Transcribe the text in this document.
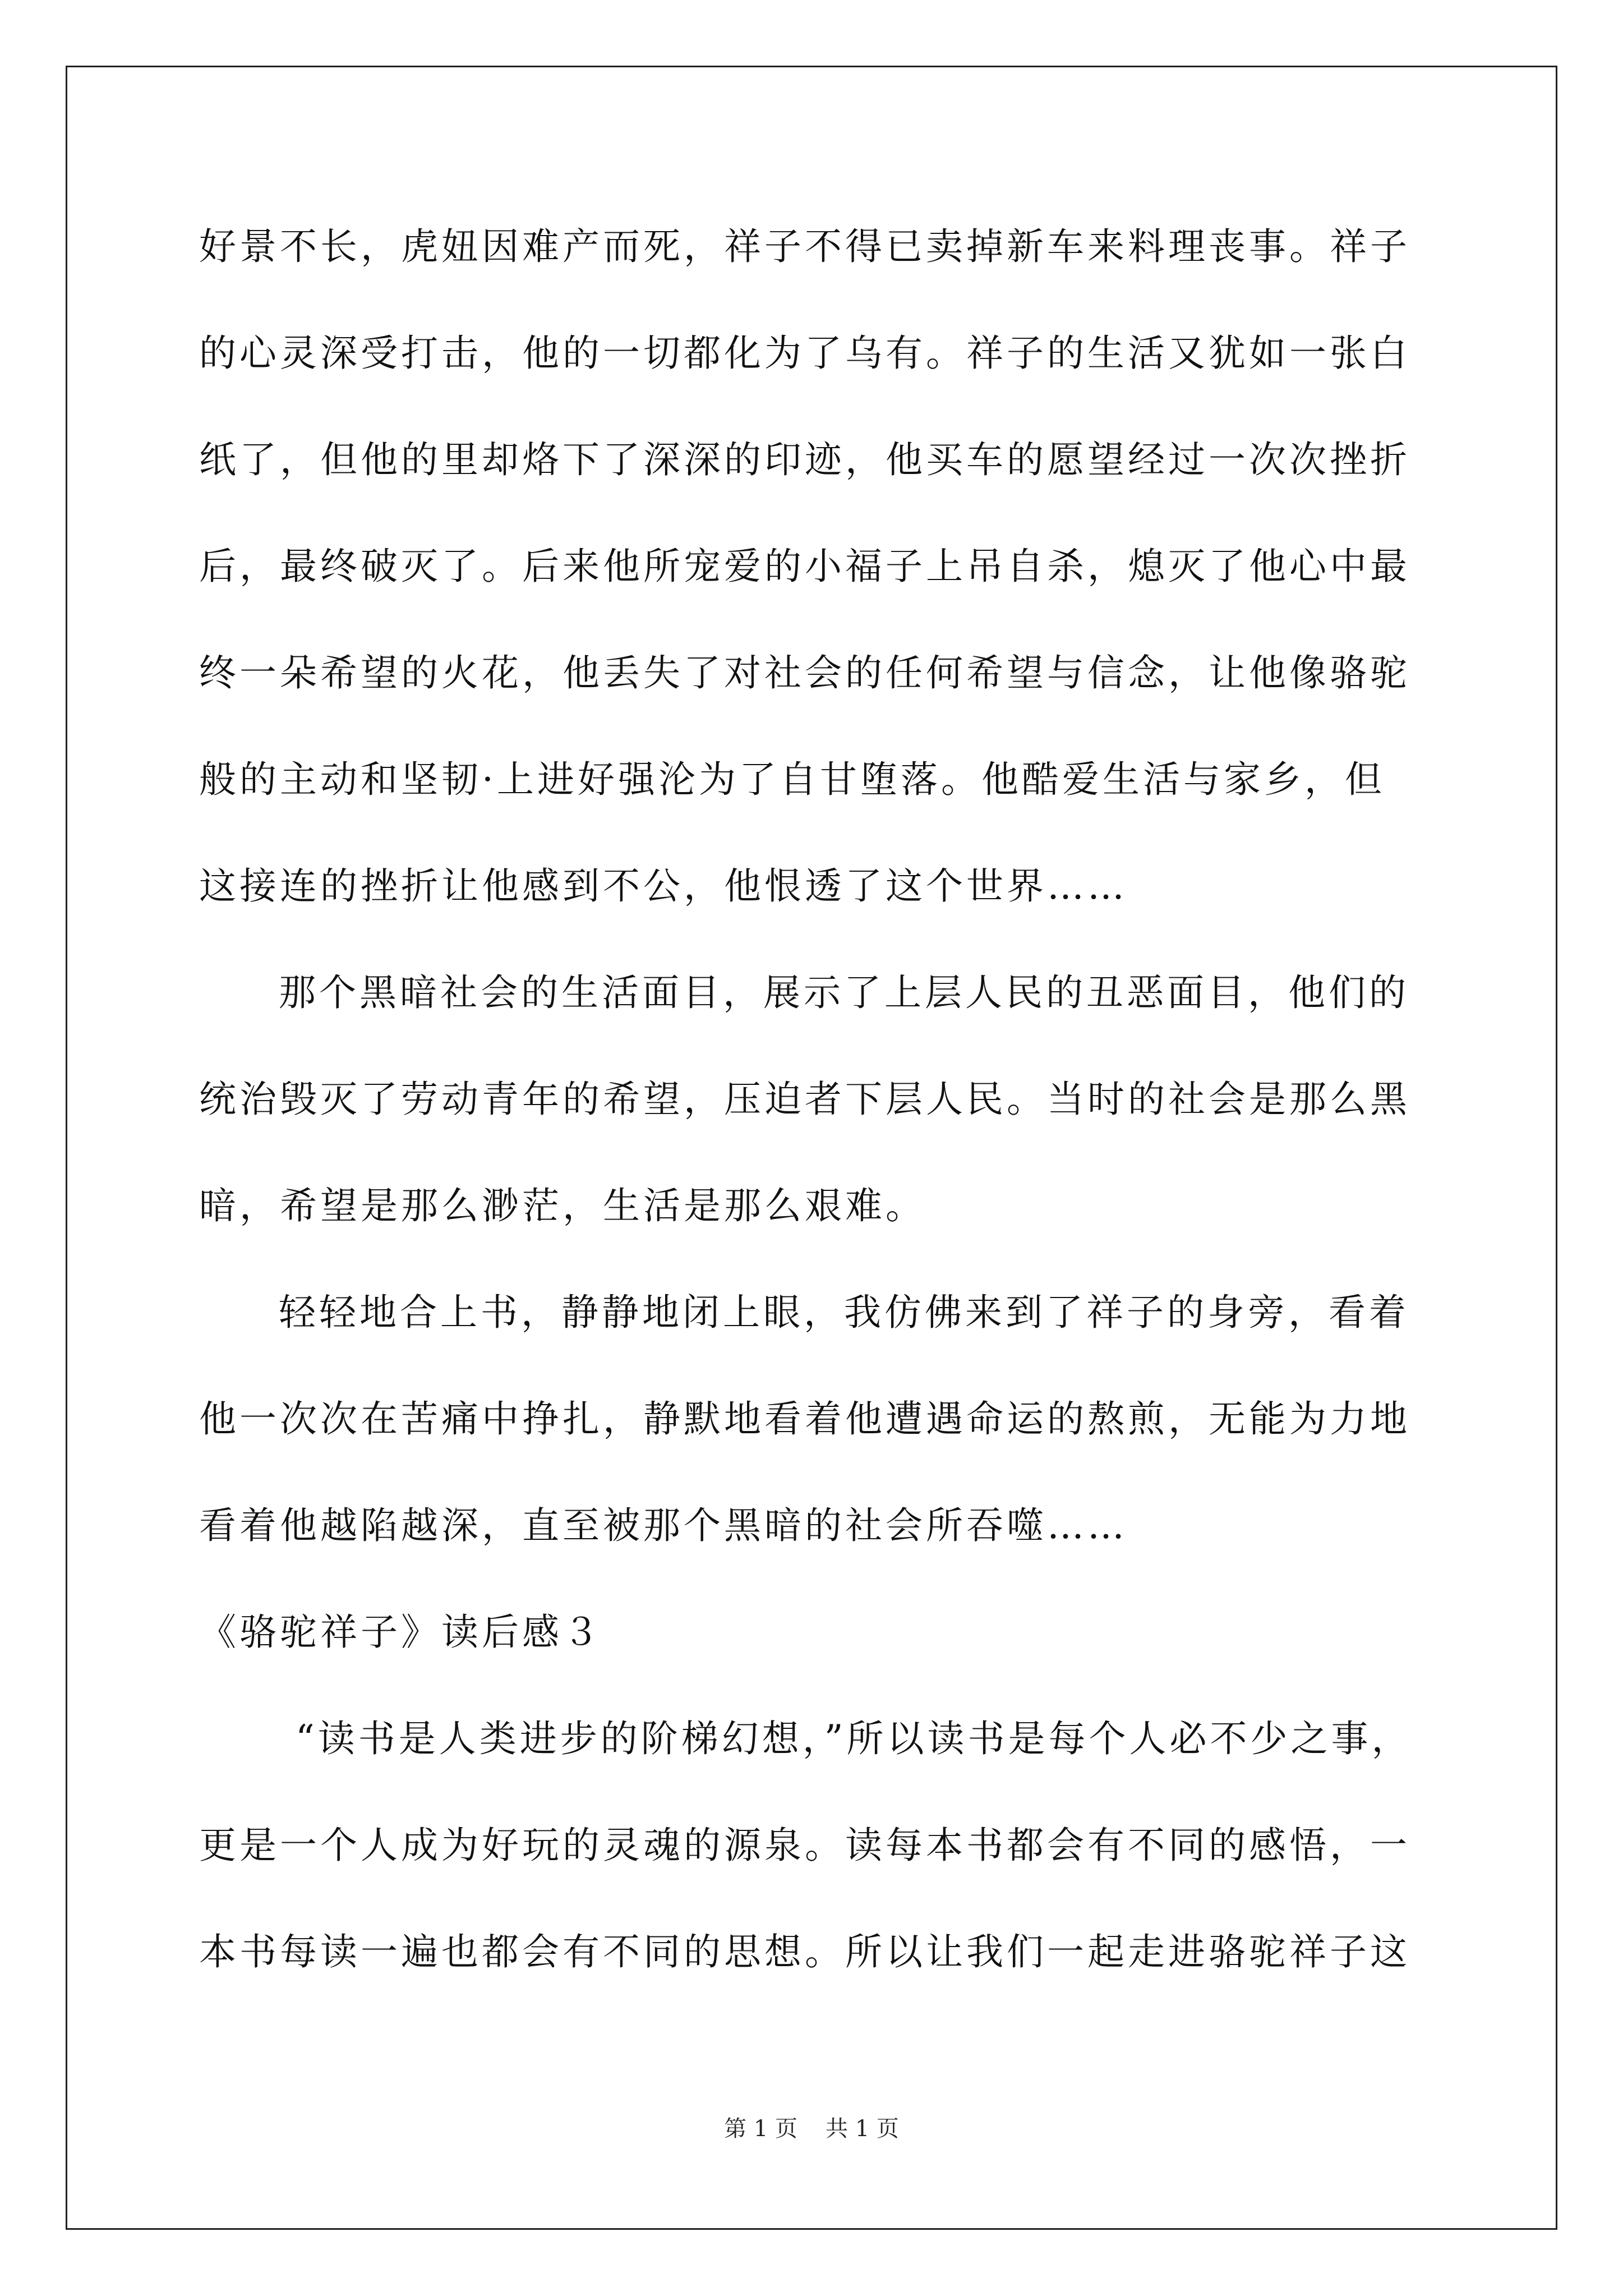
好景不长，虎妞因难产而死，祥子不得已卖掉新车来料理丧事。祥子
的心灵深受打击，他的一切都化为了乌有。祥子的生活又犹如一张白
纸了，但他的里却烙下了深深的印迹，他买车的愿望经过一次次挫折
后，最终破灭了。后来他所宠爱的小福子上吊自杀，熄灭了他心中最
终一朵希望的火花，他丢失了对社会的任何希望与信念，让他像骆驼
般的主动和坚韧·上进好强沦为了自甘堕落。他酷爱生活与家乡，但
这接连的挫折让他感到不公，他恨透了这个世界……
那个黑暗社会的生活面目，展示了上层人民的丑恶面目，他们的
统治毁灭了劳动青年的希望，压迫者下层人民。当时的社会是那么黑
暗，希望是那么渺茫，生活是那么艰难。
轻轻地合上书，静静地闭上眼，我仿佛来到了祥子的身旁，看着
他一次次在苦痛中挣扎，静默地看着他遭遇命运的熬煎，无能为力地
看着他越陷越深，直至被那个黑暗的社会所吞噬……
《骆驼祥子》读后感３
“读书是人类进步的阶梯幻想，”所以读书是每个人必不少之事，
更是一个人成为好玩的灵魂的源泉。读每本书都会有不同的感悟，一
本书每读一遍也都会有不同的思想。所以让我们一起走进骆驼祥子这
第 1 页 共 1 页
